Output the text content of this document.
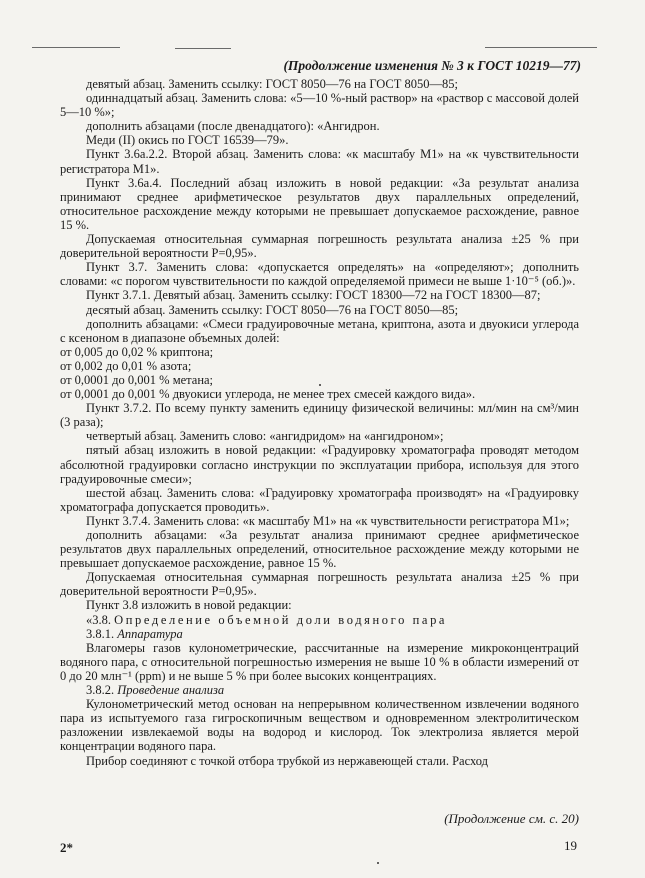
(Продолжение изменения № 3 к ГОСТ 10219—77)

девятый абзац. Заменить ссылку: ГОСТ 8050—76 на ГОСТ 8050—85;

одиннадцатый абзац. Заменить слова: «5—10 %-ный раствор» на «раствор с массовой долей 5—10 %»;

дополнить абзацами (после двенадцатого): «Ангидрон.

Меди (II) окись по ГОСТ 16539—79».

Пункт 3.6а.2.2. Второй абзац. Заменить слова: «к масштабу М1» на «к чувствительности регистратора М1».

Пункт 3.6а.4. Последний абзац изложить в новой редакции: «За результат анализа принимают среднее арифметическое результатов двух параллельных определений, относительное расхождение между которыми не превышает допускаемое расхождение, равное 15 %.

Допускаемая относительная суммарная погрешность результата анализа ±25 % при доверительной вероятности P=0,95».

Пункт 3.7. Заменить слова: «допускается определять» на «определяют»; дополнить словами: «с порогом чувствительности по каждой определяемой примеси не выше 1·10⁻⁵ (об.)».

Пункт 3.7.1. Девятый абзац. Заменить ссылку: ГОСТ 18300—72 на ГОСТ 18300—87;

десятый абзац. Заменить ссылку: ГОСТ 8050—76 на ГОСТ 8050—85;

дополнить абзацами: «Смеси градуировочные метана, криптона, азота и двуокиси углерода с ксеноном в диапазоне объемных долей:

от 0,005 до 0,02 % криптона;

от 0,002 до 0,01 % азота;

от 0,0001 до 0,001 % метана;

от 0,0001 до 0,001 % двуокиси углерода, не менее трех смесей каждого вида».

Пункт 3.7.2. По всему пункту заменить единицу физической величины: мл/мин на см³/мин (3 раза);

четвертый абзац. Заменить слово: «ангидридом» на «ангидроном»;

пятый абзац изложить в новой редакции: «Градуировку хроматографа проводят методом абсолютной градуировки согласно инструкции по эксплуатации прибора, используя для этого градуировочные смеси»;

шестой абзац. Заменить слова: «Градуировку хроматографа производят» на «Градуировку хроматографа допускается проводить».

Пункт 3.7.4. Заменить слова: «к масштабу М1» на «к чувствительности регистратора М1»;

дополнить абзацами: «За результат анализа принимают среднее арифметическое результатов двух параллельных определений, относительное расхождение между которыми не превышает допускаемое расхождение, равное 15 %.

Допускаемая относительная суммарная погрешность результата анализа ±25 % при доверительной вероятности P=0,95».

Пункт 3.8 изложить в новой редакции:

«3.8. Определение объемной доли водяного пара

3.8.1. Аппаратура

Влагомеры газов кулонометрические, рассчитанные на измерение микроконцентраций водяного пара, с относительной погрешностью измерения не выше 10 % в области измерений от 0 до 20 млн⁻¹ (ppm) и не выше 5 % при более высоких концентрациях.

3.8.2. Проведение анализа

Кулонометрический метод основан на непрерывном количественном извлечении водяного пара из испытуемого газа гигроскопичным веществом и одновременном электролитическом разложении извлекаемой воды на водород и кислород. Ток электролиза является мерой концентрации водяного пара.

Прибор соединяют с точкой отбора трубкой из нержавеющей стали. Расход

(Продолжение см. с. 20)
2*	19
